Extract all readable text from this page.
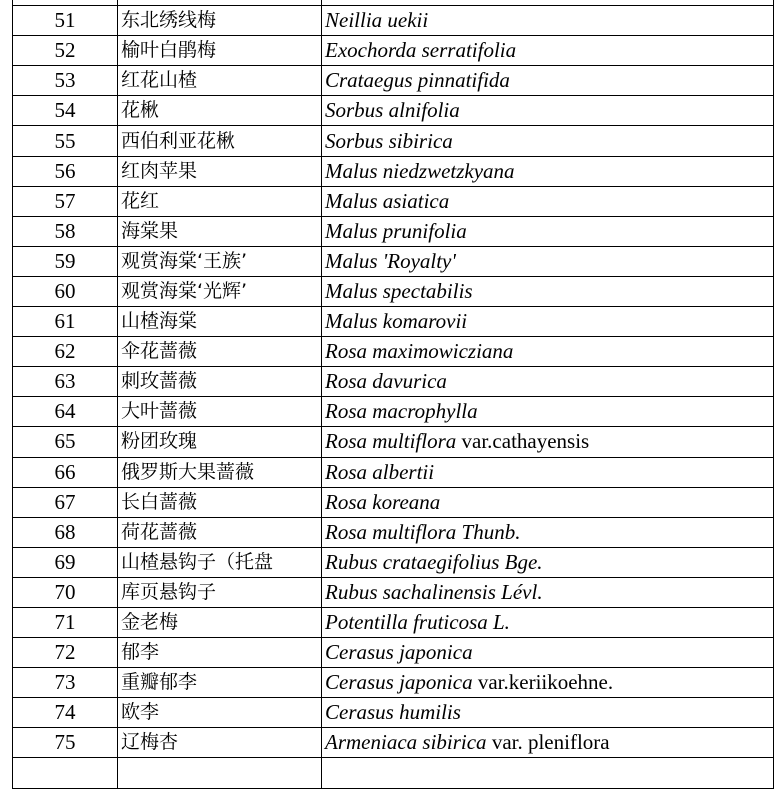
51	东北绣线梅	Neillia uekii
52	榆叶白鹃梅	Exochorda serratifolia
53	红花山楂	Crataegus pinnatifida
54	花楸	Sorbus alnifolia
55	西伯利亚花楸	Sorbus sibirica
56	红肉苹果	Malus niedzwetzkyana
57	花红	Malus asiatica
58	海棠果	Malus prunifolia
59	观赏海棠‘王族’	Malus 'Royalty'
60	观赏海棠‘光辉’	Malus spectabilis
61	山楂海棠	Malus komarovii
62	伞花蔷薇	Rosa maximowicziana
63	刺玫蔷薇	Rosa davurica
64	大叶蔷薇	Rosa macrophylla
65	粉团玫瑰	Rosa multiflora var.cathayensis
66	俄罗斯大果蔷薇	Rosa albertii
67	长白蔷薇	Rosa koreana
68	荷花蔷薇	Rosa multiflora Thunb.
69	山楂悬钩子（托盘	Rubus crataegifolius Bge.
70	库页悬钩子	Rubus sachalinensis Lévl.
71	金老梅	Potentilla fruticosa L.
72	郁李	Cerasus japonica
73	重瓣郁李	Cerasus japonica var.keriikoehne.
74	欧李	Cerasus humilis
75	辽梅杏	Armeniaca sibirica var. pleniflora
